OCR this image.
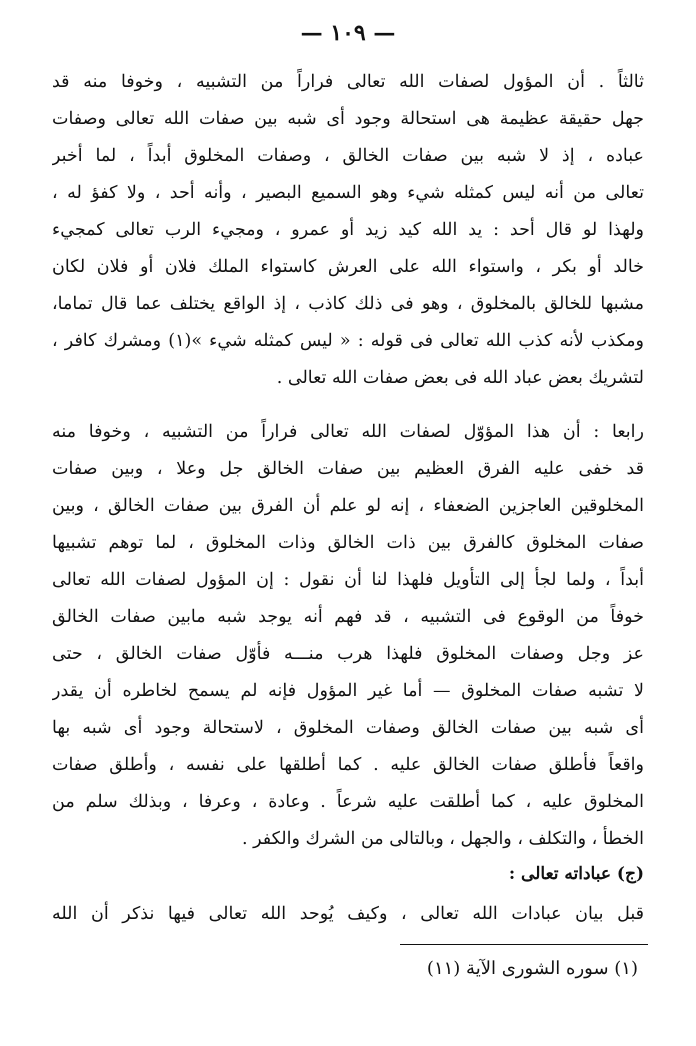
— ١٠٩ —
ثالثاً . أن المؤول لصفات الله تعالى فراراً من التشبيه ، وخوفا منه قد
جهل حقيقة عظيمة هى استحالة وجود أى شبه بين صفات الله تعالى وصفات
عباده ، إذ لا شبه بين صفات الخالق ، وصفات المخلوق أبداً ، لما أخبر
تعالى من أنه ليس كمثله شيء وهو السميع البصير ، وأنه أحد ، ولا كفؤ له ،
ولهذا لو قال أحد : يد الله كيد زيد أو عمرو ، ومجيء الرب تعالى كمجيء
خالد أو بكر ، واستواء الله على العرش كاستواء الملك فلان أو فلان لكان
مشبها للخالق بالمخلوق ، وهو فى ذلك كاذب ، إذ الواقع يختلف عما قال تماما،
ومكذب لأنه كذب الله تعالى فى قوله : « ليس كمثله شيء »(١) ومشرك كافر ،
لتشريك بعض عباد الله فى بعض صفات الله تعالى .
رابعا : أن هذا المؤوّل لصفات الله تعالى فراراً من التشبيه ، وخوفا منه
قد خفى عليه الفرق العظيم بين صفات الخالق جل وعلا ، وبين صفات
المخلوقين العاجزين الضعفاء ، إنه لو علم أن الفرق بين صفات الخالق ، وبين
صفات المخلوق كالفرق بين ذات الخالق وذات المخلوق ، لما توهم تشبيها
أبداً ، ولما لجأ إلى التأويل فلهذا لنا أن نقول : إن المؤول لصفات الله تعالى
خوفاً من الوقوع فى التشبيه ، قد فهم أنه يوجد شبه مابين صفات الخالق
عز وجل وصفات المخلوق فلهذا هرب منـــه فأوّل صفات الخالق ، حتى
لا تشبه صفات المخلوق — أما غير المؤول فإنه لم يسمح لخاطره أن يقدر
أى شبه بين صفات الخالق وصفات المخلوق ، لاستحالة وجود أى شبه بها
واقعاً فأطلق صفات الخالق عليه . كما أطلقها على نفسه ، وأطلق صفات
المخلوق عليه ، كما أطلقت عليه شرعاً . وعادة ، وعرفا ، وبذلك سلم من
الخطأ ، والتكلف ، والجهل ، وبالتالى من الشرك والكفر .
(ج) عباداته تعالى :
قبل بيان عبادات الله تعالى ، وكيف يُوحد الله تعالى فيها نذكر أن الله
(١) سوره الشورى الآية (١١)
